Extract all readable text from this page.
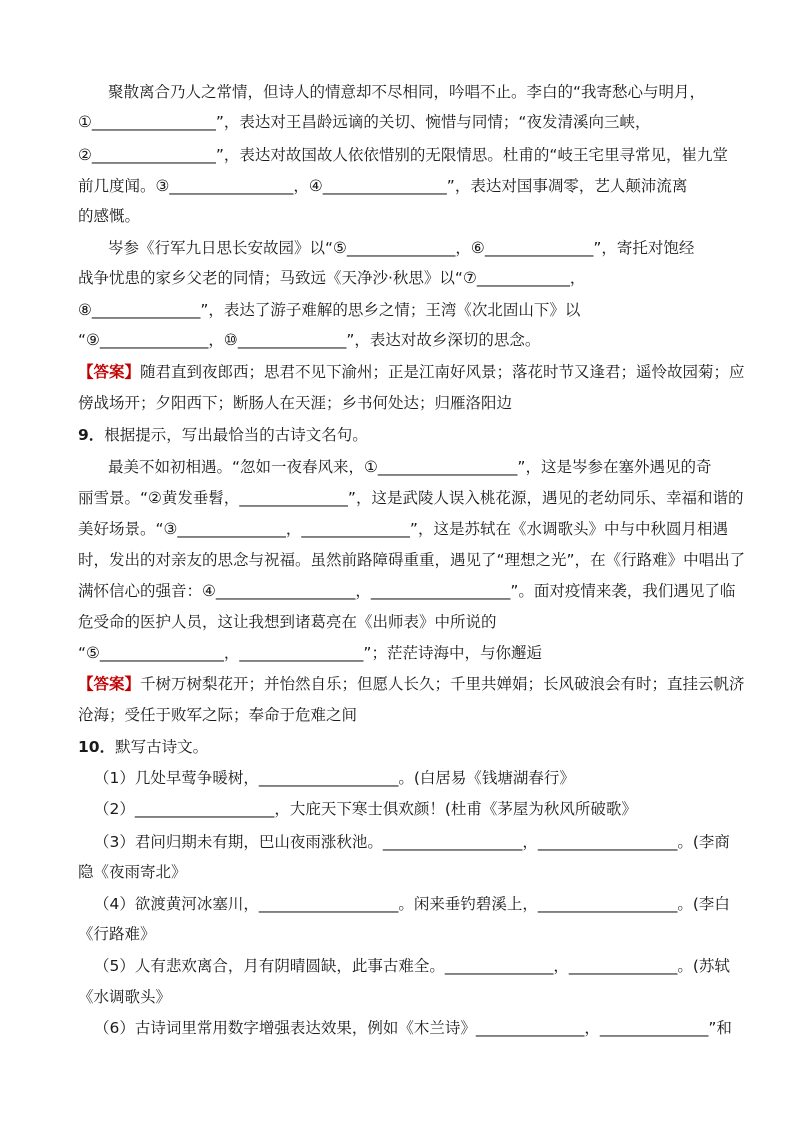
聚散离合乃人之常情，但诗人的情意却不尽相同，吟唱不止。李白的“我寄愁心与明月，
①________________”，表达对王昌龄远谪的关切、惋惜与同情；“夜发清溪向三峡，
②________________”，表达对故国故人依依惜别的无限情思。杜甫的“岐王宅里寻常见，崔九堂
前几度闻。③________________，④________________”，表达对国事凋零，艺人颠沛流离
的感慨。
岑参《行军九日思长安故园》以“⑤______________，⑥______________”，寄托对饱经
战争忧患的家乡父老的同情；马致远《天净沙·秋思》以“⑦____________，
⑧______________”，表达了游子难解的思乡之情；王湾《次北固山下》以
“⑨______________，⑩______________”，表达对故乡深切的思念。
【答案】随君直到夜郎西；思君不见下渝州；正是江南好风景；落花时节又逢君；遥怜故园菊；应
傍战场开；夕阳西下；断肠人在天涯；乡书何处达；归雁洛阳边
9．根据提示，写出最恰当的古诗文名句。
最美不如初相遇。“忽如一夜春风来，①__________________”，这是岑参在塞外遇见的奇
丽雪景。“②黄发垂髫，______________”，这是武陵人误入桃花源，遇见的老幼同乐、幸福和谐的
美好场景。“③______________，______________”，这是苏轼在《水调歌头》中与中秋圆月相遇
时，发出的对亲友的思念与祝福。虽然前路障碍重重，遇见了“理想之光”，在《行路难》中唱出了
满怀信心的强音：④__________________，__________________”。面对疫情来袭，我们遇见了临
危受命的医护人员，这让我想到诸葛亮在《出师表》中所说的
“⑤________________，________________”；茫茫诗海中，与你邂逅
【答案】千树万树梨花开；并怡然自乐；但愿人长久；千里共婵娟；长风破浪会有时；直挂云帆济
沧海；受任于败军之际；奉命于危难之间
10．默写古诗文。
（1）几处早莺争暖树，__________________。(白居易《钱塘湖春行》
（2）__________________，大庇天下寒士俱欢颜！(杜甫《茅屋为秋风所破歌》
（3）君问归期未有期，巴山夜雨涨秋池。__________________，__________________。(李商
隐《夜雨寄北》
（4）欲渡黄河冰塞川，__________________。闲来垂钓碧溪上，__________________。(李白
《行路难》
（5）人有悲欢离合，月有阴晴圆缺，此事古难全。______________，______________。(苏轼
《水调歌头》
（6）古诗词里常用数字增强表达效果，例如《木兰诗》______________，______________”和
